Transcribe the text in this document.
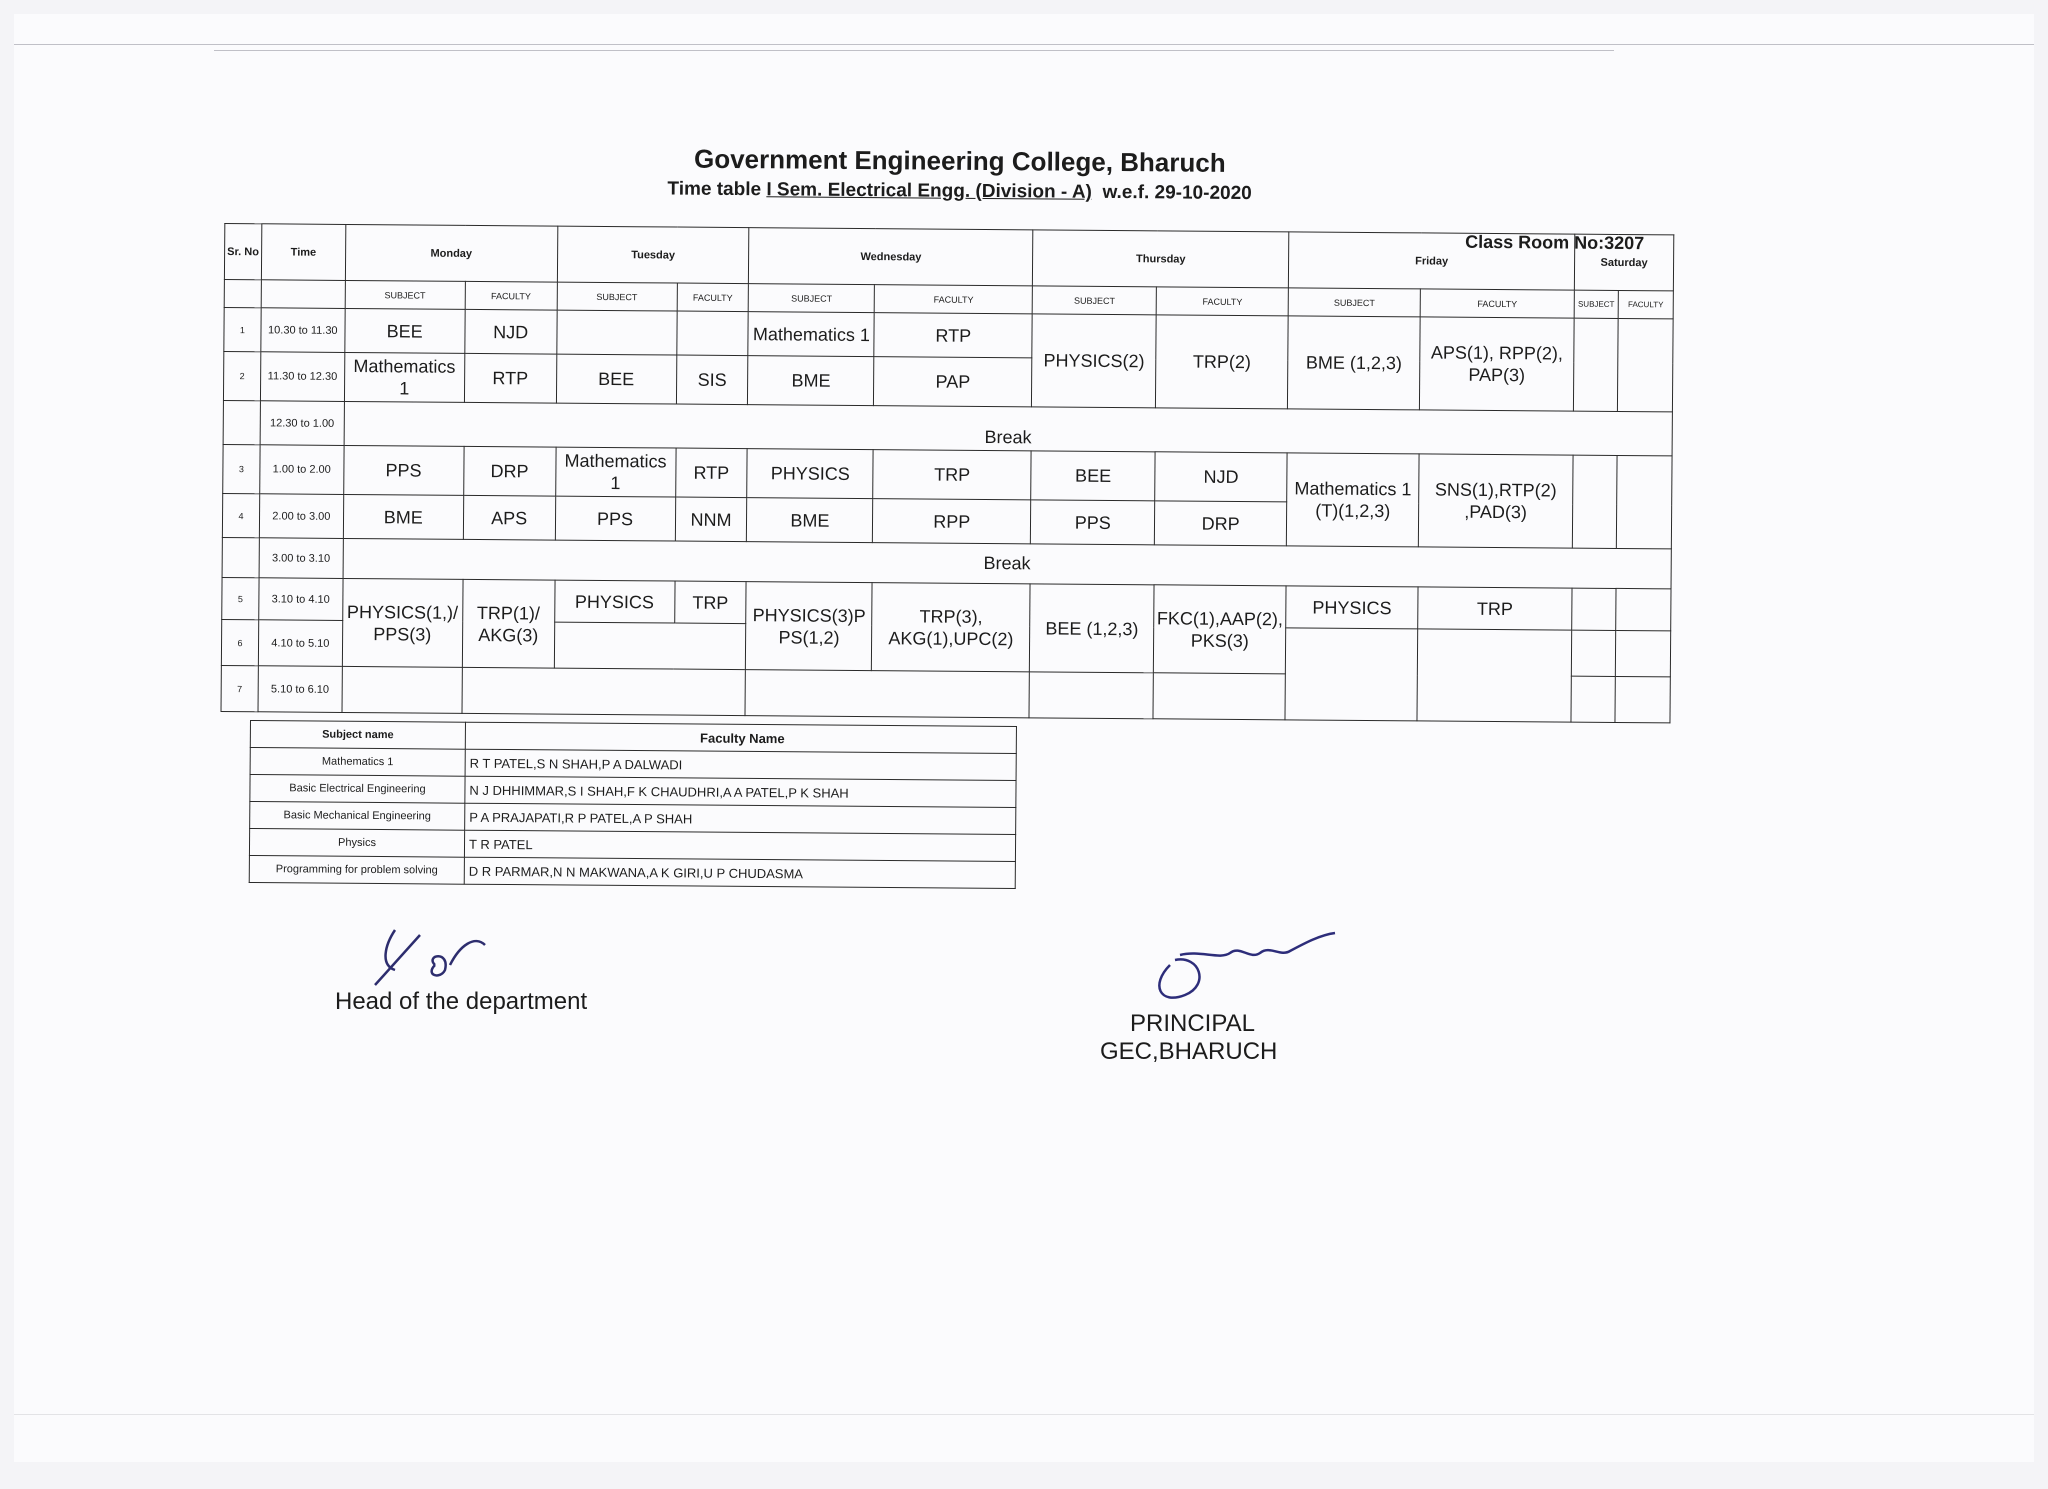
Government Engineering College, Bharuch
Time table I Sem. Electrical Engg. (Division - A) w.e.f. 29-10-2020
Class Room No:3207
Sr. No	Time	Monday		Tuesday		Wednesday		Thursday		Friday		Saturday	
		SUBJECT	FACULTY	SUBJECT	FACULTY	SUBJECT	FACULTY	SUBJECT	FACULTY	SUBJECT	FACULTY	SUBJECT	FACULTY
1	10.30 to 11.30	BEE	NJD			Mathematics 1	RTP	PHYSICS(2)	TRP(2)	BME (1,2,3)	APS(1), RPP(2), PAP(3)		
2	11.30 to 12.30	Mathematics 1	RTP	BEE	SIS	BME	PAP						
	12.30 to 1.00	Break											
3	1.00 to 2.00	PPS	DRP	Mathematics 1	RTP	PHYSICS	TRP	BEE	NJD	Mathematics 1 (T)(1,2,3)	SNS(1),RTP(2) ,PAD(3)		
4	2.00 to 3.00	BME	APS	PPS	NNM	BME	RPP	PPS	DRP				
	3.00 to 3.10	Break											
5	3.10 to 4.10	PHYSICS(1,)/ PPS(3)	TRP(1)/ AKG(3)	PHYSICS	TRP	PHYSICS(3)P PS(1,2)	TRP(3), AKG(1),UPC(2)	BEE (1,2,3)	FKC(1),AAP(2), PKS(3)	PHYSICS	TRP		
6	4.10 to 5.10												
7	5.10 to 6.10												
Subject name	Faculty Name
Mathematics 1	R T PATEL,S N SHAH,P A DALWADI
Basic Electrical Engineering	N J DHHIMMAR,S I SHAH,F K CHAUDHRI,A A PATEL,P K SHAH
Basic Mechanical Engineering	P A PRAJAPATI,R P PATEL,A P SHAH
Physics	T R PATEL
Programming for problem solving	D R PARMAR,N N MAKWANA,A K GIRI,U P CHUDASMA
Head of the department
PRINCIPAL
GEC,BHARUCH
